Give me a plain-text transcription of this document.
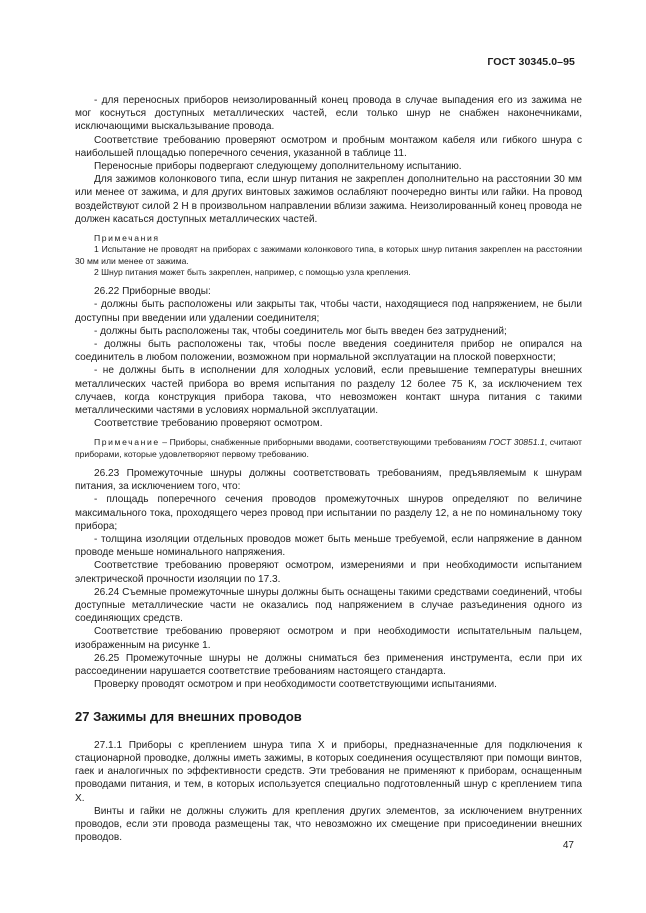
ГОСТ 30345.0–95

- для переносных приборов неизолированный конец провода в случае выпадения его из зажима не мог коснуться доступных металлических частей, если только шнур не снабжен наконечниками, исключающими выскальзывание провода.

Соответствие требованию проверяют осмотром и пробным монтажом кабеля или гибкого шнура с наибольшей площадью поперечного сечения, указанной в таблице 11.

Переносные приборы подвергают следующему дополнительному испытанию.

Для зажимов колонкового типа, если шнур питания не закреплен дополнительно на расстоянии 30 мм или менее от зажима, и для других винтовых зажимов ослабляют поочередно винты или гайки. На провод воздействуют силой 2 Н в произвольном направлении вблизи зажима. Неизолированный конец провода не должен касаться доступных металлических частей.

Примечания

1 Испытание не проводят на приборах с зажимами колонкового типа, в которых шнур питания закреплен на расстоянии 30 мм или менее от зажима.

2 Шнур питания может быть закреплен, например, с помощью узла крепления.

26.22 Приборные вводы:

- должны быть расположены или закрыты так, чтобы части, находящиеся под напряжением, не были доступны при введении или удалении соединителя;

- должны быть расположены так, чтобы соединитель мог быть введен без затруднений;

- должны быть расположены так, чтобы после введения соединителя прибор не опирался на соединитель в любом положении, возможном при нормальной эксплуатации на плоской поверхности;

- не должны быть в исполнении для холодных условий, если превышение температуры внешних металлических частей прибора во время испытания по разделу 12 более 75 К, за исключением тех случаев, когда конструкция прибора такова, что невозможен контакт шнура питания с такими металлическими частями в условиях нормальной эксплуатации.

Соответствие требованию проверяют осмотром.

Примечание – Приборы, снабженные приборными вводами, соответствующими требованиям ГОСТ 30851.1, считают приборами, которые удовлетворяют первому требованию.

26.23 Промежуточные шнуры должны соответствовать требованиям, предъявляемым к шнурам питания, за исключением того, что:

- площадь поперечного сечения проводов промежуточных шнуров определяют по величине максимального тока, проходящего через провод при испытании по разделу 12, а не по номинальному току прибора;

- толщина изоляции отдельных проводов может быть меньше требуемой, если напряжение в данном проводе меньше номинального напряжения.

Соответствие требованию проверяют осмотром, измерениями и при необходимости испытанием электрической прочности изоляции по 17.3.

26.24 Съемные промежуточные шнуры должны быть оснащены такими средствами соединений, чтобы доступные металлические части не оказались под напряжением в случае разъединения одного из соединяющих средств.

Соответствие требованию проверяют осмотром и при необходимости испытательным пальцем, изображенным на рисунке 1.

26.25 Промежуточные шнуры не должны сниматься без применения инструмента, если при их рассоединении нарушается соответствие требованиям настоящего стандарта.

Проверку проводят осмотром и при необходимости соответствующими испытаниями.

27 Зажимы для внешних проводов

27.1.1 Приборы с креплением шнура типа X и приборы, предназначенные для подключения к стационарной проводке, должны иметь зажимы, в которых соединения осуществляют при помощи винтов, гаек и аналогичных по эффективности средств. Эти требования не применяют к приборам, оснащенным проводами питания, и тем, в которых используется специально подготовленный шнур с креплением типа X.

Винты и гайки не должны служить для крепления других элементов, за исключением внутренних проводов, если эти провода размещены так, что невозможно их смещение при присоединении внешних проводов.

47
